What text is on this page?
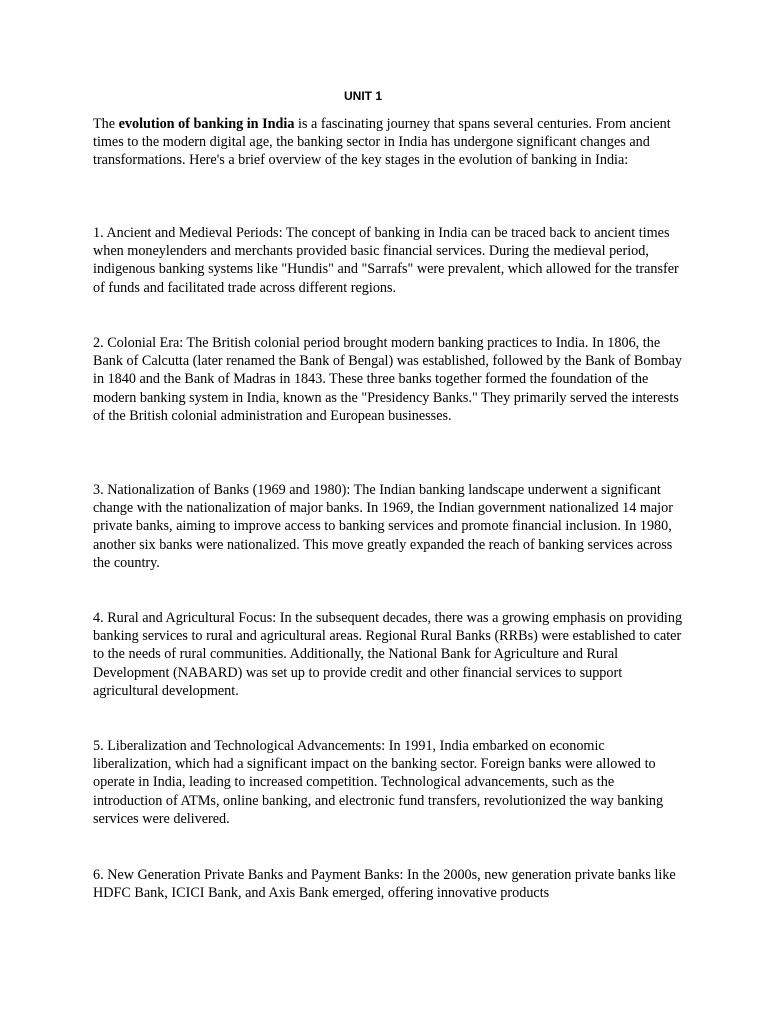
UNIT 1

The evolution of banking in India is a fascinating journey that spans several centuries. From ancient times to the modern digital age, the banking sector in India has undergone significant changes and transformations. Here's a brief overview of the key stages in the evolution of banking in India:

1. Ancient and Medieval Periods: The concept of banking in India can be traced back to ancient times when moneylenders and merchants provided basic financial services. During the medieval period, indigenous banking systems like "Hundis" and "Sarrafs" were prevalent, which allowed for the transfer of funds and facilitated trade across different regions.

2. Colonial Era: The British colonial period brought modern banking practices to India. In 1806, the Bank of Calcutta (later renamed the Bank of Bengal) was established, followed by the Bank of Bombay in 1840 and the Bank of Madras in 1843. These three banks together formed the foundation of the modern banking system in India, known as the "Presidency Banks." They primarily served the interests of the British colonial administration and European businesses.

3. Nationalization of Banks (1969 and 1980): The Indian banking landscape underwent a significant change with the nationalization of major banks. In 1969, the Indian government nationalized 14 major private banks, aiming to improve access to banking services and promote financial inclusion. In 1980, another six banks were nationalized. This move greatly expanded the reach of banking services across the country.

4. Rural and Agricultural Focus: In the subsequent decades, there was a growing emphasis on providing banking services to rural and agricultural areas. Regional Rural Banks (RRBs) were established to cater to the needs of rural communities. Additionally, the National Bank for Agriculture and Rural Development (NABARD) was set up to provide credit and other financial services to support agricultural development.

5. Liberalization and Technological Advancements: In 1991, India embarked on economic liberalization, which had a significant impact on the banking sector. Foreign banks were allowed to operate in India, leading to increased competition. Technological advancements, such as the introduction of ATMs, online banking, and electronic fund transfers, revolutionized the way banking services were delivered.

6. New Generation Private Banks and Payment Banks: In the 2000s, new generation private banks like HDFC Bank, ICICI Bank, and Axis Bank emerged, offering innovative products
